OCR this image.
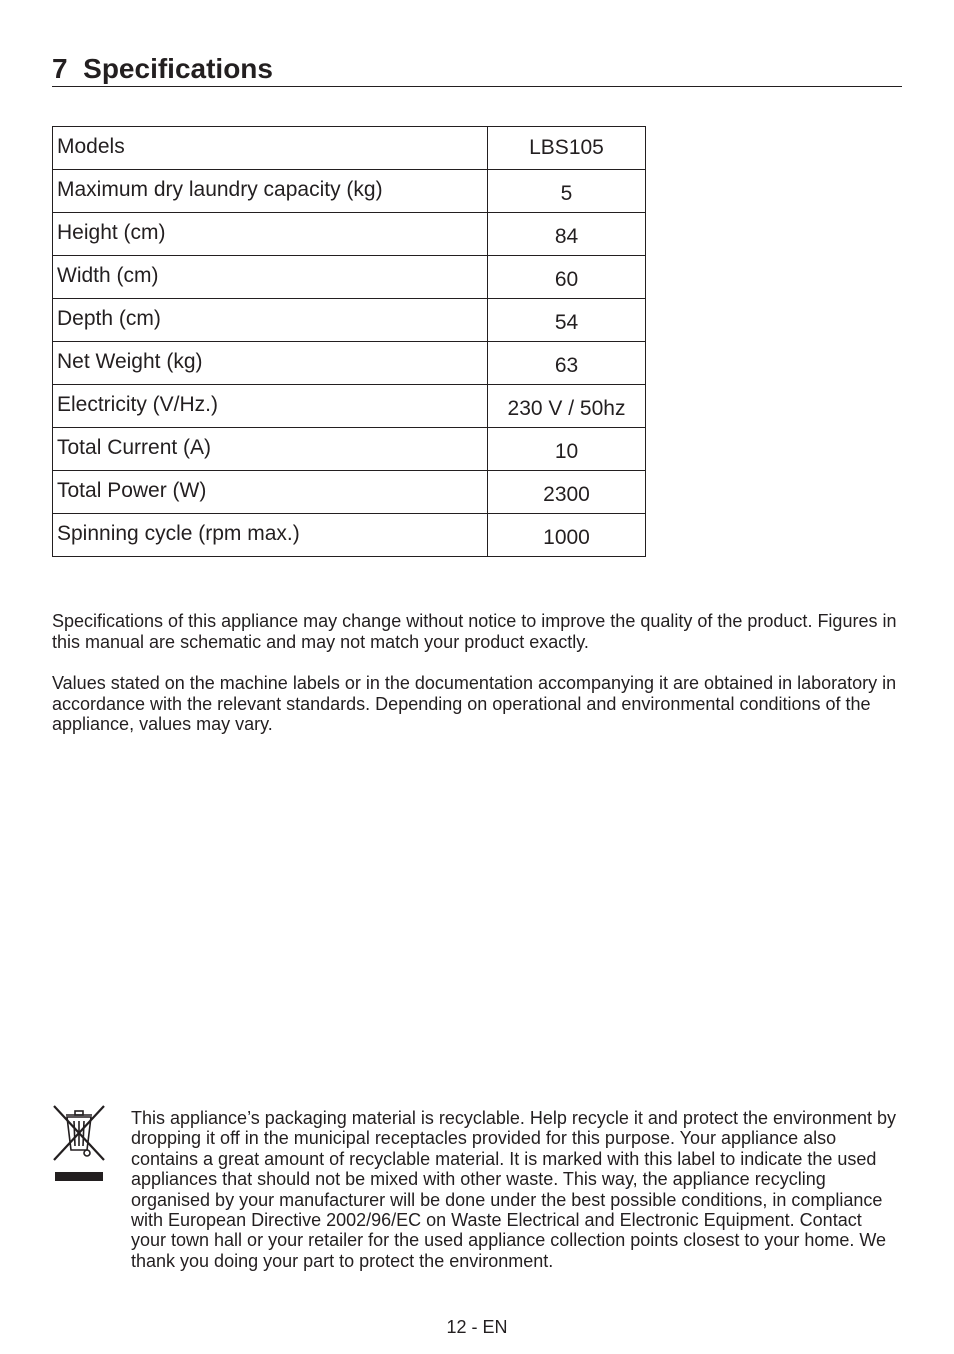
7 Specifications
Models	LBS105
Maximum dry laundry capacity (kg)	5
Height (cm)	84
Width (cm)	60
Depth (cm)	54
Net Weight (kg)	63
Electricity (V/Hz.)	230 V / 50hz
Total Current (A)	10
Total Power (W)	2300
Spinning cycle (rpm max.)	1000

Specifications of this appliance may change without notice to improve the quality of the product. Figures in this manual are schematic and may not match your product exactly.

Values stated on the machine labels or in the documentation accompanying it are obtained in laboratory in accordance with the relevant standards. Depending on operational and environmental conditions of the appliance, values may vary.

This appliance’s packaging material is recyclable. Help recycle it and protect the environment by dropping it off in the municipal receptacles provided for this purpose. Your appliance also contains a great amount of recyclable material. It is marked with this label to indicate the used appliances that should not be mixed with other waste. This way, the appliance recycling organised by your manufacturer will be done under the best possible conditions, in compliance with European Directive 2002/96/EC on Waste Electrical and Electronic Equipment. Contact your town hall or your retailer for the used appliance collection points closest to your home. We thank you doing your part to protect the environment.

12 - EN
